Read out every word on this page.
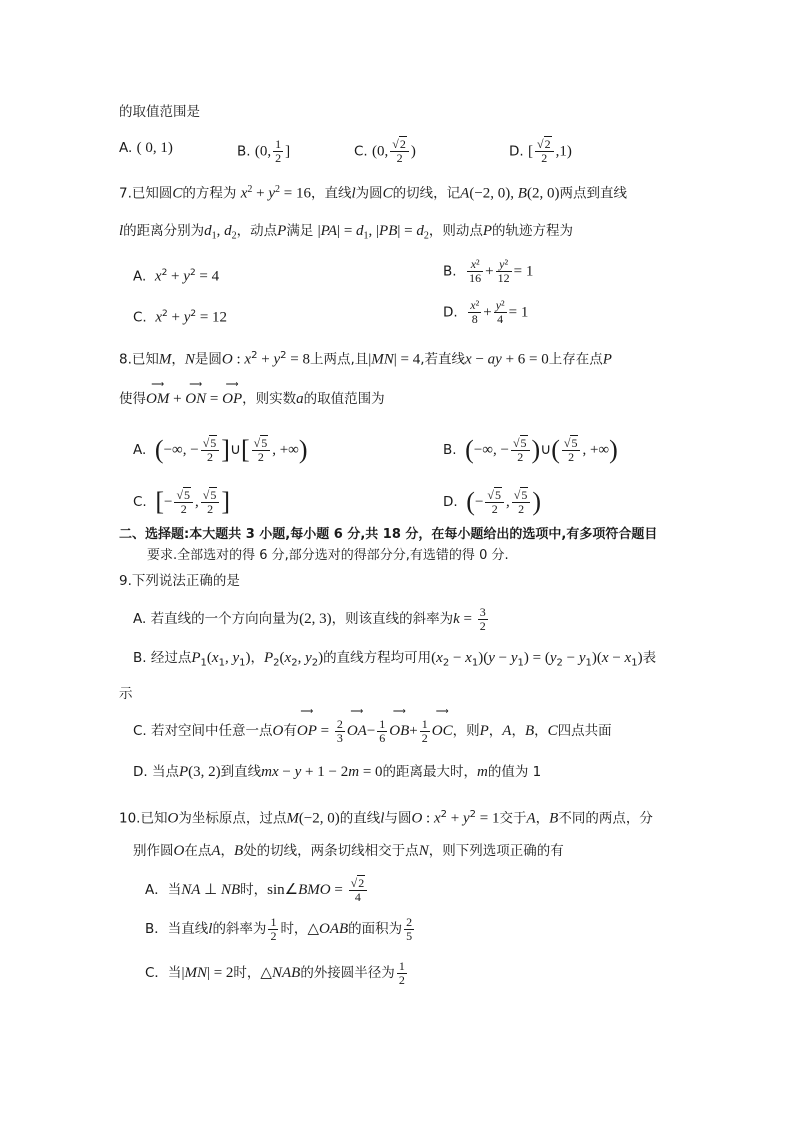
的取值范围是
A. ( 0, 1)	B. (0, $\frac{1}{2}$ ]	C. (0, $\frac{√2}{2}$ )	D. [ $\frac{√2}{2} ,1$)
7.已知圆C的方程为 $x^2 + y^2 = 16$，直线l为圆C的切线，记A(−2, 0), B(2, 0)两点到直线
l的距离分别为$d_1$, $d_2$，动点P满足 $|PA| = d_1$, $|PB| = d_2$，则动点P的轨迹方程为
A. $x^2 + y^2 = 4$	B. $\frac{\text{x²}}{16} + \frac{\text{y²}}{12} = 1$
C. $x^2 + y^2 = 12$	D. $\frac{\text{x²}}{8} + \frac{\text{y²}}{4} = 1$
8.已知M，N是圆O : $x^2 + y^2 = 8$上两点,且|MN| = 4,若直线x − ay + 6 = 0上存在点P
使得⟶ OM + ⟶ ON = ⟶ OP，则实数a的取值范围为
A. (−∞, − $\frac{√5}{2}$ ]∪[ $\frac{√5}{2}$ , +∞)	B. (−∞, − $\frac{√5}{2}$ )∪( $\frac{√5}{2}$ , +∞)
C. [− $\frac{√5}{2}$ , $\frac{√5}{2}$ ]	D. (− $\frac{√5}{2}$ , $\frac{√5}{2}$ )
二、选择题:本大题共 3 小题,每小题 6 分,共 18 分，在每小题给出的选项中,有多项符合题目
要求.全部选对的得 6 分,部分选对的得部分分,有选错的得 0 分.
9.下列说法正确的是
A. 若直线的一个方向向量为(2, 3)，则该直线的斜率为$k = \frac{3}{2}$
B. 经过点$P_1(x_1$, $y_1$)，$P_2(x_2$, $y_2$)的直线方程均可用$(x_2 - x_1)(y - y_1) = (y_2 - y_1)(x - x_1)$表
示
C. 若对空间中任意一点O有⟶ OP = $\frac{2}{3}$ ⟶ $OA- \frac{1}{6}$ ⟶ $OB+ \frac{1}{2}$ ⟶ OC，则P，A，B，C四点共面
D. 当点P(3, 2)到直线mx − y + 1 − 2m = 0的距离最大时，m的值为 1
10.已知O为坐标原点，过点M(−2, 0)的直线l与圆O : $x^2 + y^2 = 1$交于A，B不同的两点，分
别作圆O在点A，B处的切线，两条切线相交于点N，则下列选项正确的有
A．当NA ⊥ NB时，sin∠BMO = $\frac{√2}{4}$
B．当直线l的斜率为 $\frac{1}{2}$ 时，△OAB的面积为 $\frac{2}{5}$
C．当|MN| = 2时，△NAB的外接圆半径为 $\frac{1}{2}$
